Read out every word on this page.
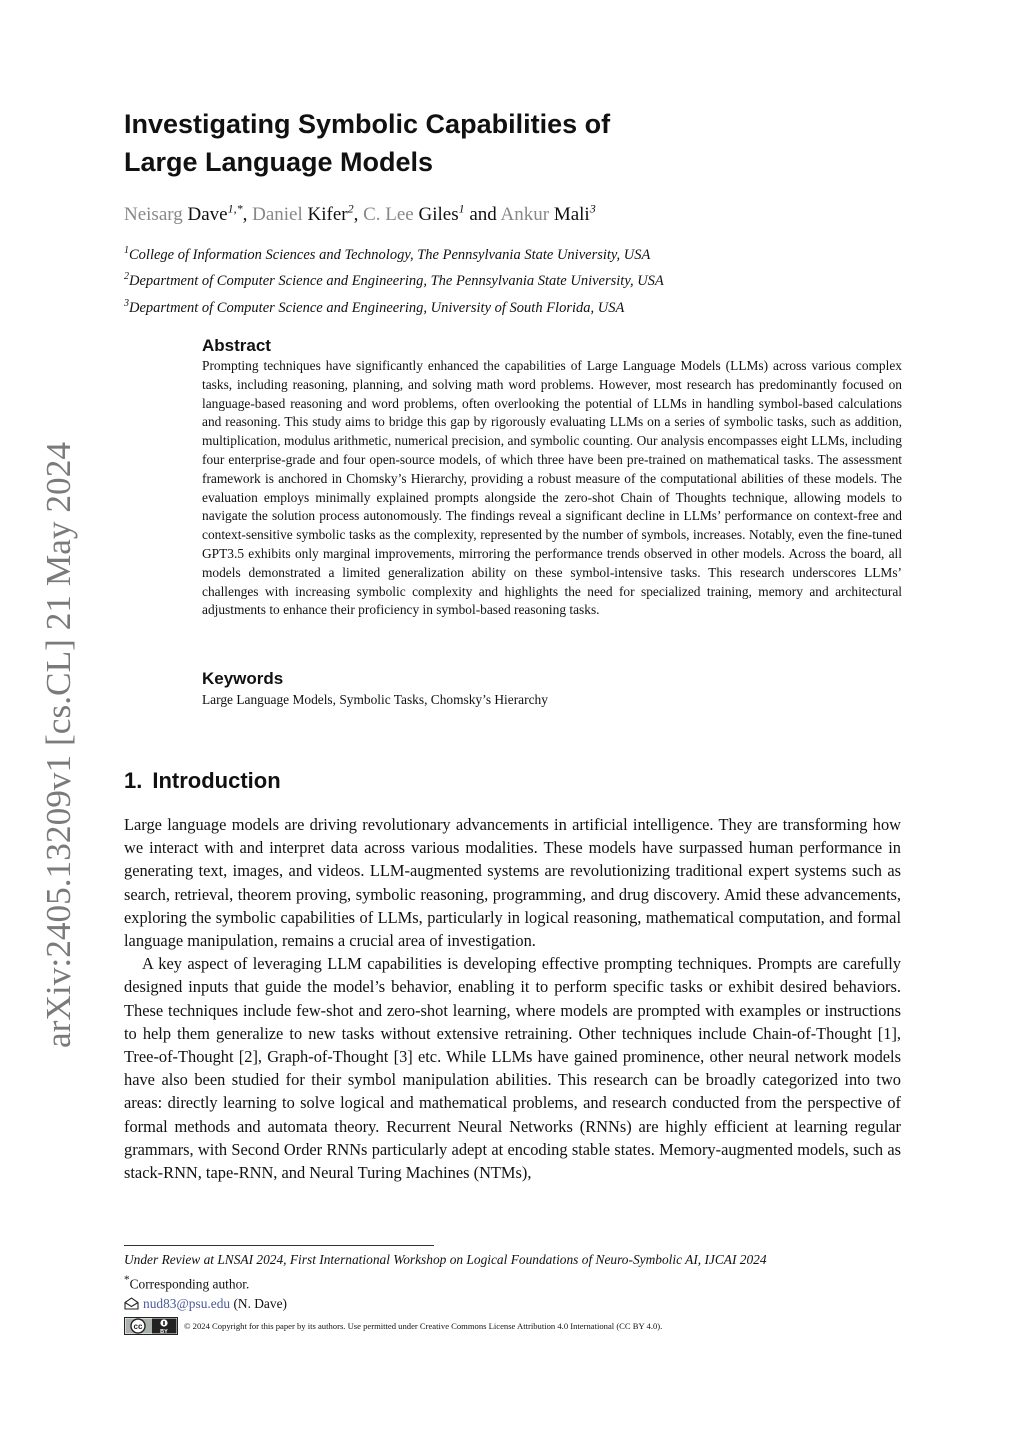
arXiv:2405.13209v1 [cs.CL] 21 May 2024
Investigating Symbolic Capabilities of
Large Language Models
Neisarg Dave$^{1,*}$, Daniel Kifer$^2$, C. Lee Giles$^1$ and Ankur Mali$^3$
$^1$College of Information Sciences and Technology, The Pennsylvania State University, USA
$^2$Department of Computer Science and Engineering, The Pennsylvania State University, USA
$^3$Department of Computer Science and Engineering, University of South Florida, USA
Abstract

Prompting techniques have significantly enhanced the capabilities of Large Language Models (LLMs) across various complex tasks, including reasoning, planning, and solving math word problems. However, most research has predominantly focused on language-based reasoning and word problems, often overlooking the potential of LLMs in handling symbol-based calculations and reasoning. This study aims to bridge this gap by rigorously evaluating LLMs on a series of symbolic tasks, such as addition, multiplication, modulus arithmetic, numerical precision, and symbolic counting. Our analysis encompasses eight LLMs, including four enterprise-grade and four open-source models, of which three have been pre-trained on mathematical tasks. The assessment framework is anchored in Chomsky’s Hierarchy, providing a robust measure of the computational abilities of these models. The evaluation employs minimally explained prompts alongside the zero-shot Chain of Thoughts technique, allowing models to navigate the solution process autonomously. The findings reveal a significant decline in LLMs’ performance on context-free and context-sensitive symbolic tasks as the complexity, represented by the number of symbols, increases. Notably, even the fine-tuned GPT3.5 exhibits only marginal improvements, mirroring the performance trends observed in other models. Across the board, all models demonstrated a limited generalization ability on these symbol-intensive tasks. This research underscores LLMs’ challenges with increasing symbolic complexity and highlights the need for specialized training, memory and architectural adjustments to enhance their proficiency in symbol-based reasoning tasks.

Keywords

Large Language Models, Symbolic Tasks, Chomsky’s Hierarchy

1. Introduction

Large language models are driving revolutionary advancements in artificial intelligence. They are transforming how we interact with and interpret data across various modalities. These models have surpassed human performance in generating text, images, and videos. LLM-augmented systems are revolutionizing traditional expert systems such as search, retrieval, theorem proving, symbolic reasoning, programming, and drug discovery. Amid these advancements, exploring the symbolic capabilities of LLMs, particularly in logical reasoning, mathematical computation, and formal language manipulation, remains a crucial area of investigation.

A key aspect of leveraging LLM capabilities is developing effective prompting techniques. Prompts are carefully designed inputs that guide the model’s behavior, enabling it to perform specific tasks or exhibit desired behaviors. These techniques include few-shot and zero-shot learning, where models are prompted with examples or instructions to help them generalize to new tasks without extensive retraining. Other techniques include Chain-of-Thought [1], Tree-of-Thought [2], Graph-of-Thought [3] etc. While LLMs have gained prominence, other neural network models have also been studied for their symbol manipulation abilities. This research can be broadly categorized into two areas: directly learning to solve logical and mathematical problems, and research conducted from the perspective of formal methods and automata theory. Recurrent Neural Networks (RNNs) are highly efficient at learning regular grammars, with Second Order RNNs particularly adept at encoding stable states. Memory-augmented models, such as stack-RNN, tape-RNN, and Neural Turing Machines (NTMs),

Under Review at LNSAI 2024, First International Workshop on Logical Foundations of Neuro-Symbolic AI, IJCAI 2024
*Corresponding author.
nud83@psu.edu (N. Dave)
cc
BY
© 2024 Copyright for this paper by its authors. Use permitted under Creative Commons License Attribution 4.0 International (CC BY 4.0).
